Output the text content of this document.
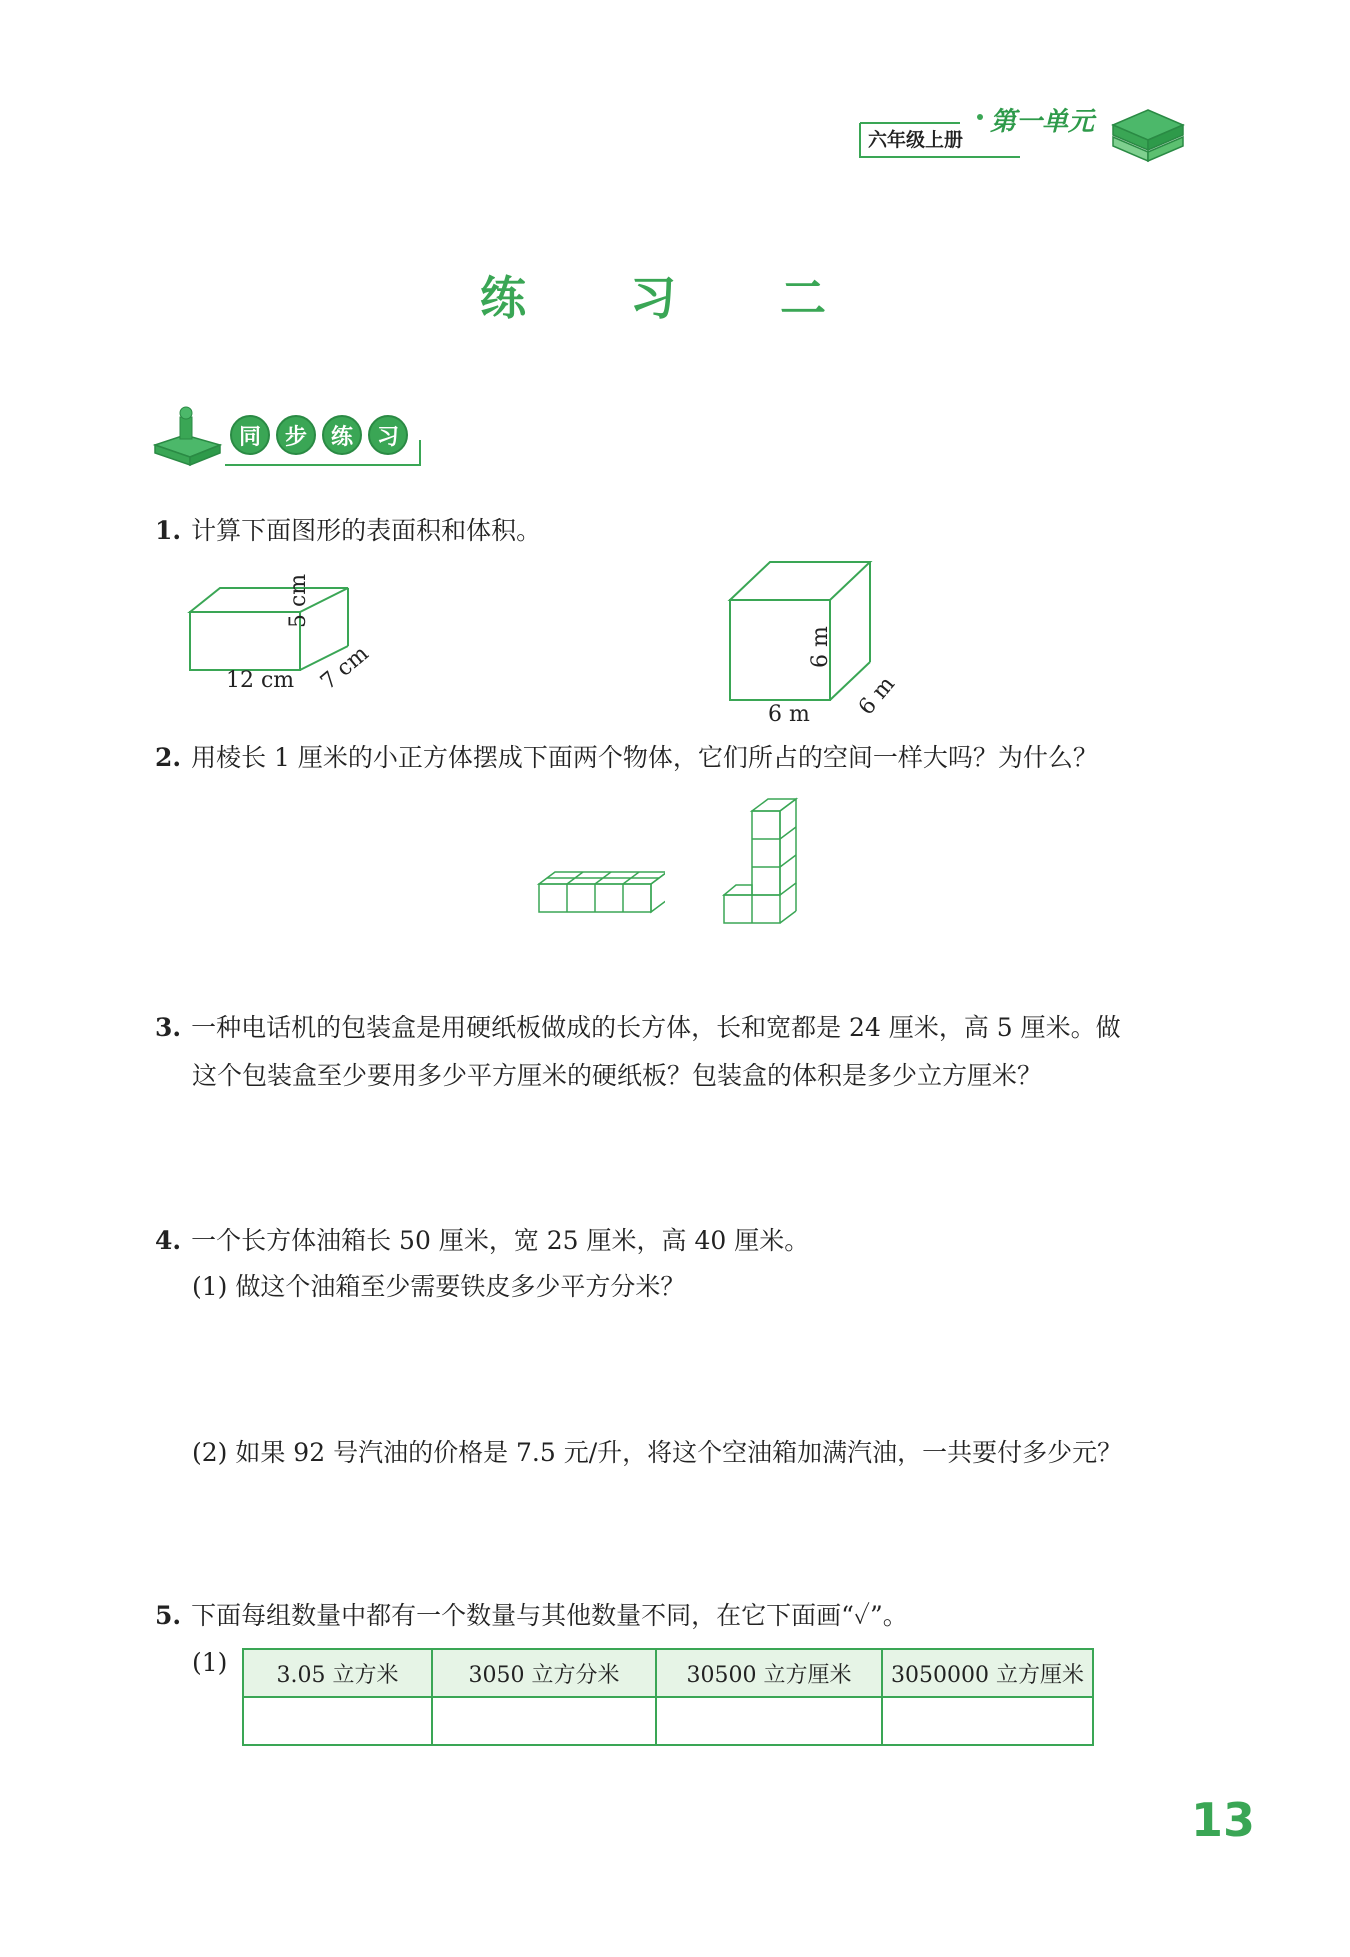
第一单元
六年级上册
练 习 二
同	步	练	习
1. 计算下面图形的表面积和体积。
12 cm
5 cm
7 cm
6 m
6 m
6 m
2. 用棱长 1 厘米的小正方体摆成下面两个物体，它们所占的空间一样大吗？为什么？
3. 一种电话机的包装盒是用硬纸板做成的长方体，长和宽都是 24 厘米，高 5 厘米。做
这个包装盒至少要用多少平方厘米的硬纸板？包装盒的体积是多少立方厘米？
4. 一个长方体油箱长 50 厘米，宽 25 厘米，高 40 厘米。
(1) 做这个油箱至少需要铁皮多少平方分米？
(2) 如果 92 号汽油的价格是 7.5 元/升，将这个空油箱加满汽油，一共要付多少元？
5. 下面每组数量中都有一个数量与其他数量不同，在它下面画“✓”。
(1) 3.05 立方米	3050 立方分米	30500 立方厘米	3050000 立方厘米

13
